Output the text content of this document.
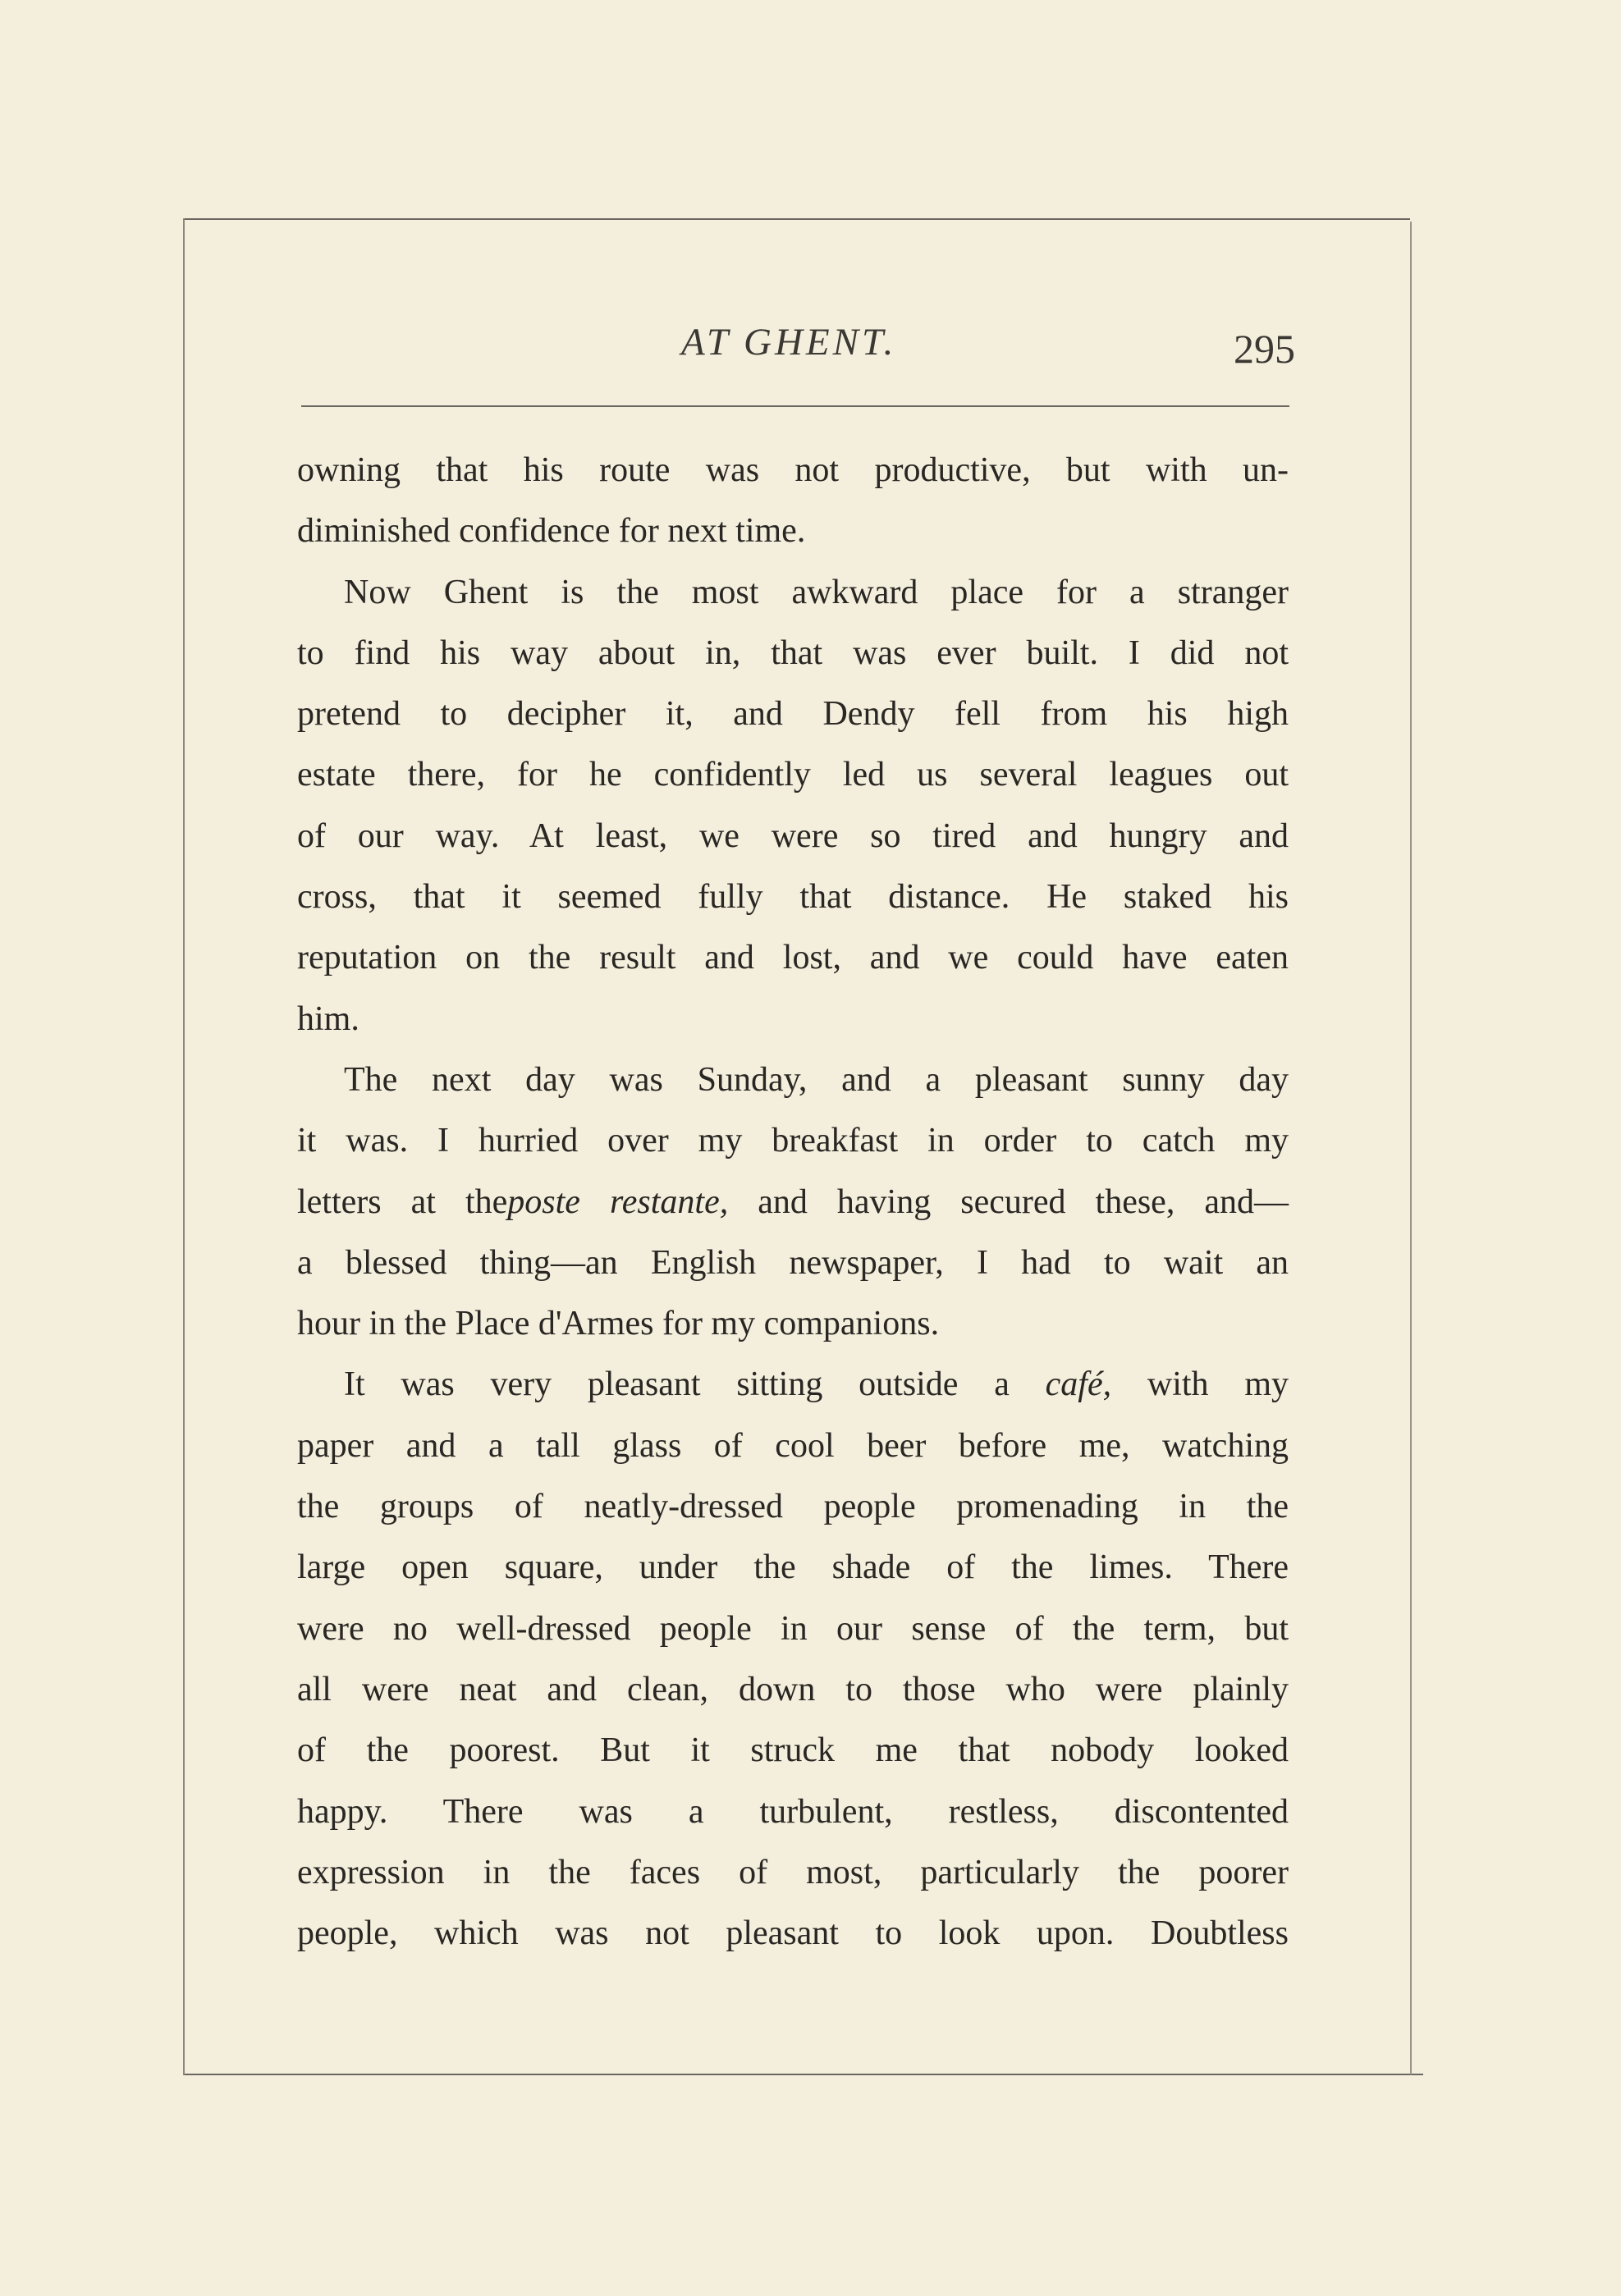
AT GHENT.	295
owning that his route was not productive, but with un-
diminished confidence for next time.
Now Ghent is the most awkward place for a stranger
to find his way about in, that was ever built. I did not
pretend to decipher it, and Dendy fell from his high
estate there, for he confidently led us several leagues out
of our way. At least, we were so tired and hungry and
cross, that it seemed fully that distance. He staked his
reputation on the result and lost, and we could have eaten
him.
The next day was Sunday, and a pleasant sunny day
it was. I hurried over my breakfast in order to catch my
letters at theposte restante, and having secured these, and—
a blessed thing—an English newspaper, I had to wait an
hour in the Place d'Armes for my companions.
It was very pleasant sitting outside a café, with my
paper and a tall glass of cool beer before me, watching
the groups of neatly-dressed people promenading in the
large open square, under the shade of the limes. There
were no well-dressed people in our sense of the term, but
all were neat and clean, down to those who were plainly
of the poorest. But it struck me that nobody looked
happy. There was a turbulent, restless, discontented
expression in the faces of most, particularly the poorer
people, which was not pleasant to look upon. Doubtless
